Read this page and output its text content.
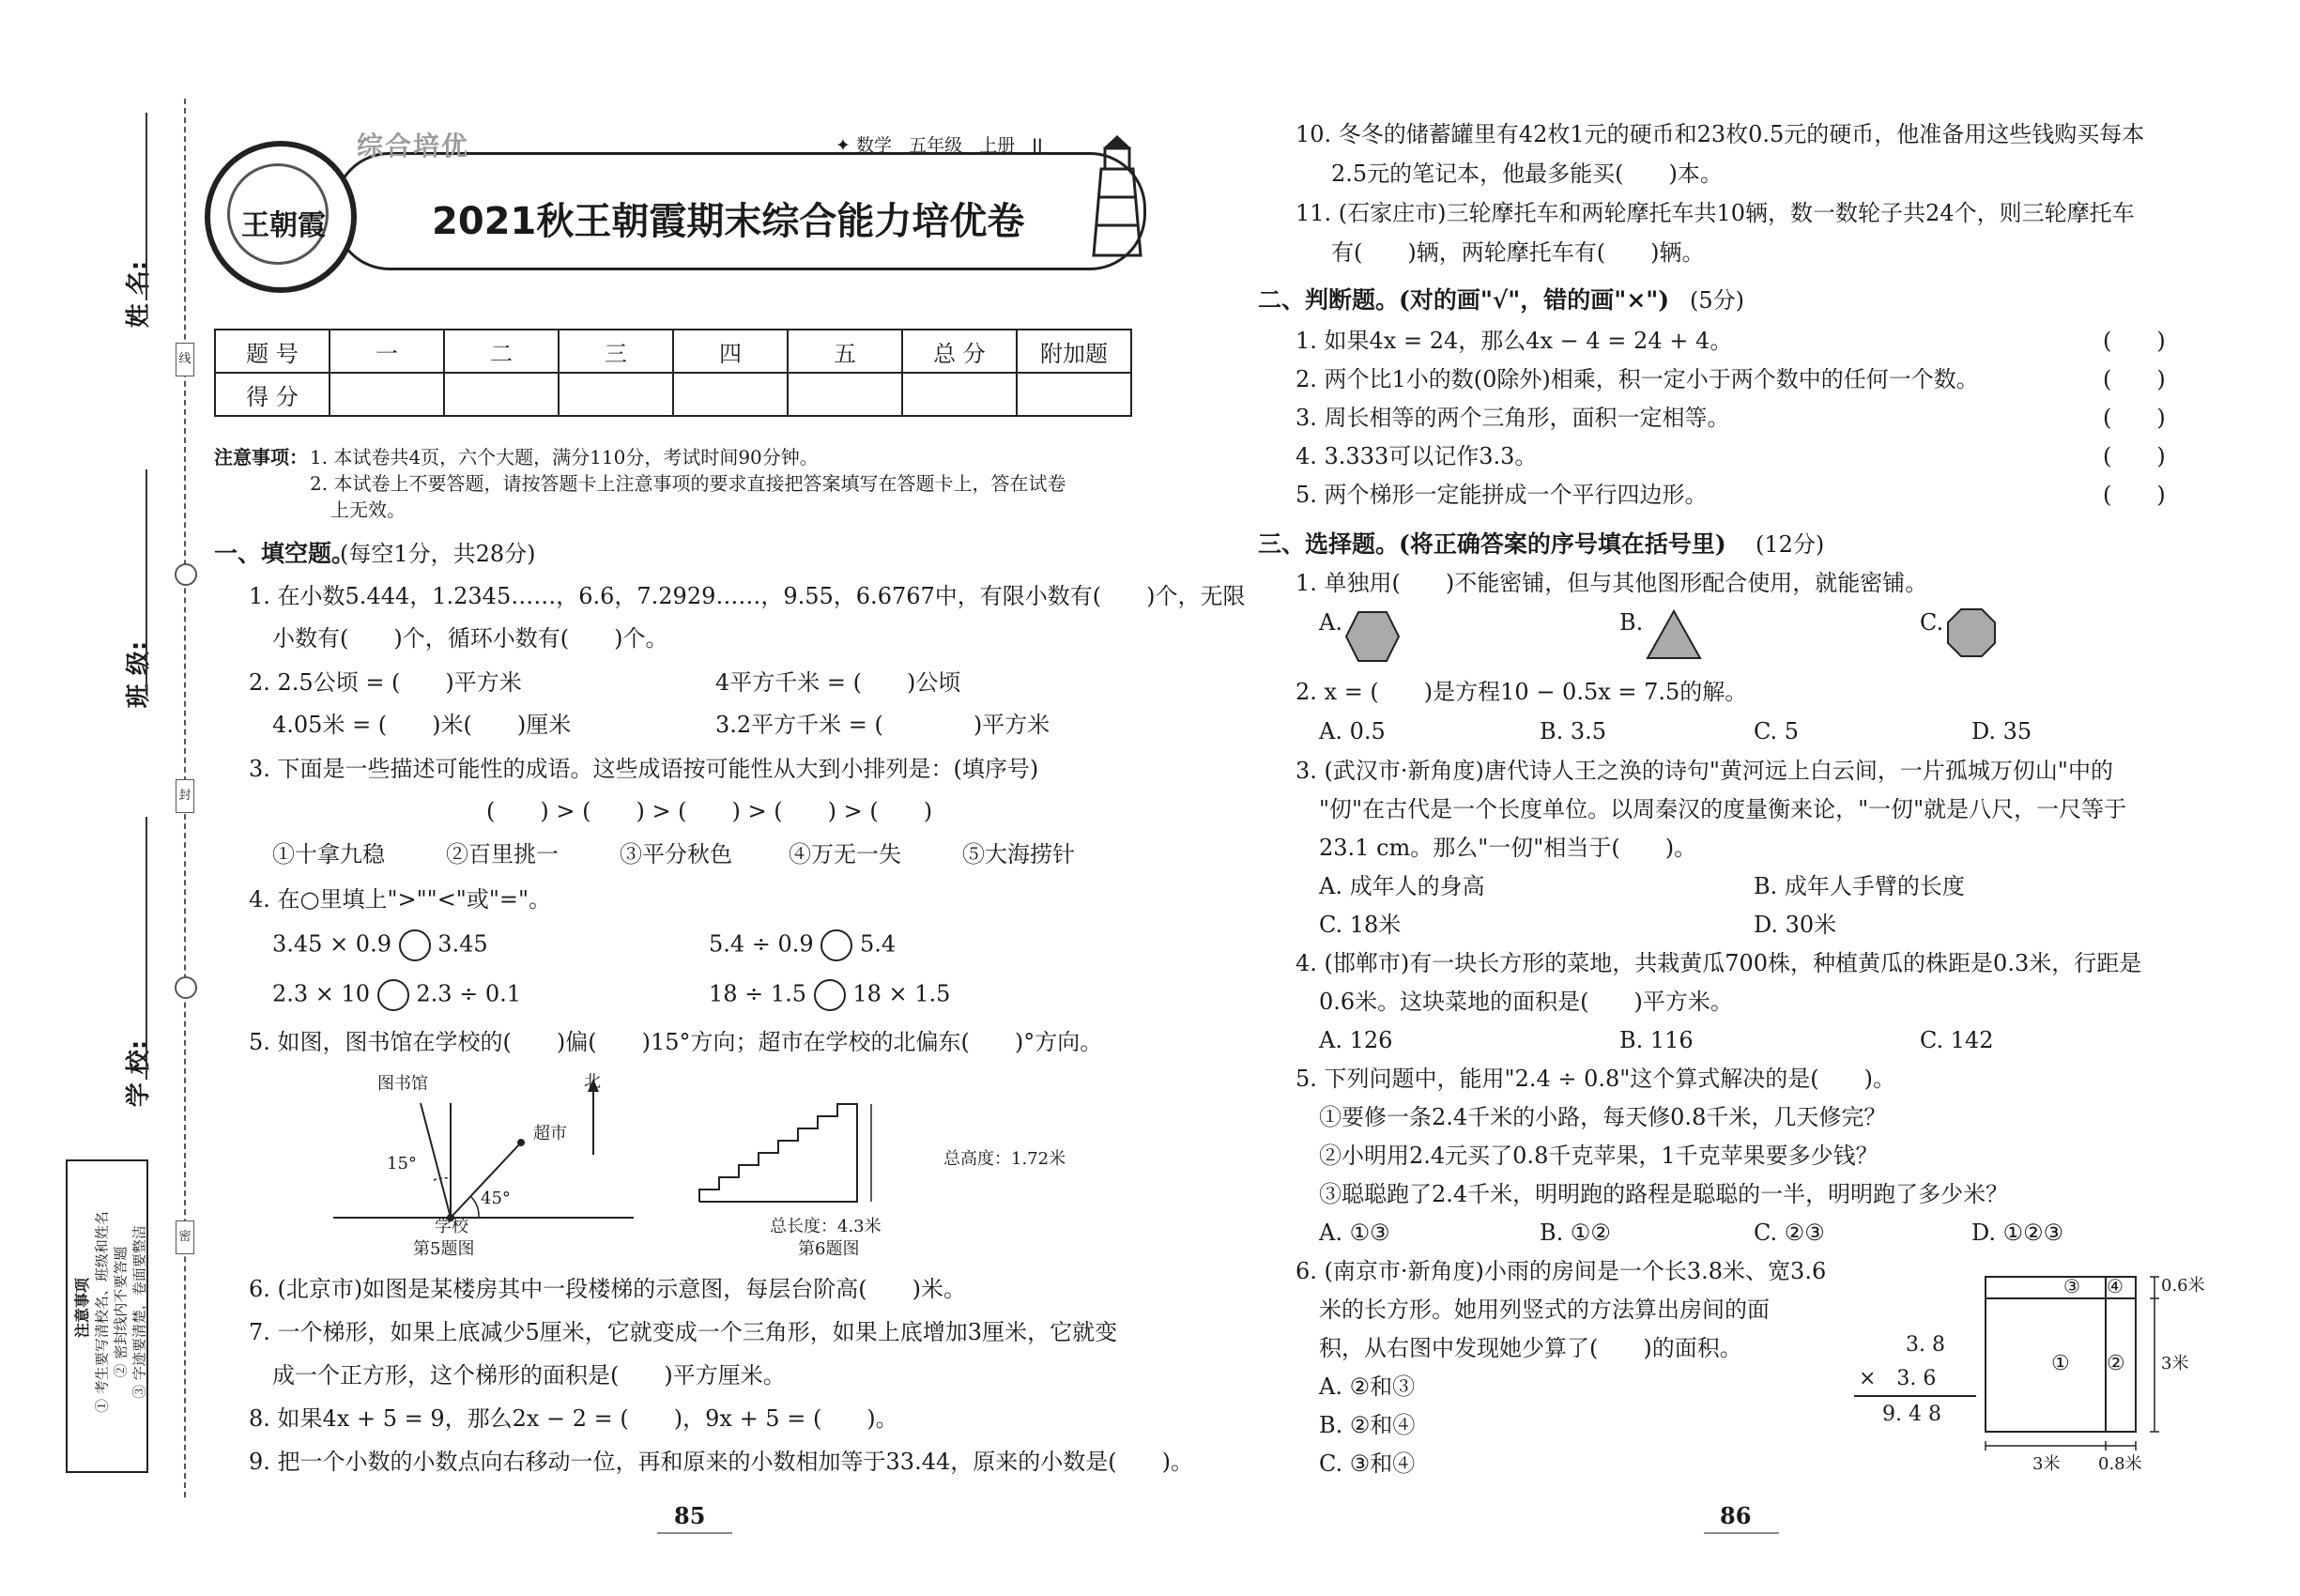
姓 名:
班 级:
学 校:
线
封
密
注意事项 ① 考生要写清校名、班级和姓名 ② 密封线内不要答题 ③ 字迹要清楚，卷面要整洁
综合培优	✦ 数学 五年级 上册 JJ
2021秋王朝霞期末综合能力培优卷
王朝霞
题 号	一	二	三	四	五	总 分	附加题
得 分							
注意事项： 1. 本试卷共4页，六个大题，满分110分，考试时间90分钟。
2. 本试卷上不要答题，请按答题卡上注意事项的要求直接把答案填写在答题卡上，答在试卷
上无效。
一、填空题。
(每空1分，共28分)
1. 在小数5.444，1.2345……，6.6，7.2929……，9.55，6.6767中，有限小数有(　　)个，无限
小数有(　　)个，循环小数有(　　)个。
2. 2.5公顷 = (　　)平方米	4平方千米 = (　　)公顷
4.05米 = (　　)米(　　)厘米	3.2平方千米 = (　　　　)平方米
3. 下面是一些描述可能性的成语。这些成语按可能性从大到小排列是：(填序号)
(　　) > (　　) > (　　) > (　　) > (　　)
①十拿九稳	②百里挑一	③平分秋色	④万无一失	⑤大海捞针
4. 在○里填上">""<"或"="。
3.45 × 0.9 3.45	5.4 ÷ 0.9 5.4
2.3 × 10 2.3 ÷ 0.1	18 ÷ 1.5 18 × 1.5
5. 如图，图书馆在学校的(　　)偏(　　)15°方向；超市在学校的北偏东(　　)°方向。
图书馆	北
超市
15°
45°
学校
第5题图
总高度：1.72米
总长度：4.3米
第6题图
6. (北京市)如图是某楼房其中一段楼梯的示意图，每层台阶高(　　)米。
7. 一个梯形，如果上底减少5厘米，它就变成一个三角形，如果上底增加3厘米，它就变
成一个正方形，这个梯形的面积是(　　)平方厘米。
8. 如果4x + 5 = 9，那么2x − 2 = (　　)，9x + 5 = (　　)。
9. 把一个小数的小数点向右移动一位，再和原来的小数相加等于33.44，原来的小数是(　　)。
85
10. 冬冬的储蓄罐里有42枚1元的硬币和23枚0.5元的硬币，他准备用这些钱购买每本
2.5元的笔记本，他最多能买(　　)本。
11. (石家庄市)三轮摩托车和两轮摩托车共10辆，数一数轮子共24个，则三轮摩托车
有(　　)辆，两轮摩托车有(　　)辆。
二、判断题。(对的画"√"，错的画"×") (5分)
1. 如果4x = 24，那么4x − 4 = 24 + 4。	(　　)
2. 两个比1小的数(0除外)相乘，积一定小于两个数中的任何一个数。	(　　)
3. 周长相等的两个三角形，面积一定相等。	(　　)
4. 3.333可以记作3.3。	(　　)
5. 两个梯形一定能拼成一个平行四边形。	(　　)
三、选择题。(将正确答案的序号填在括号里) (12分)
1. 单独用(　　)不能密铺，但与其他图形配合使用，就能密铺。
A.	B.	C.
2. x = (　　)是方程10 − 0.5x = 7.5的解。
A. 0.5	B. 3.5	C. 5	D. 35
3. (武汉市·新角度)唐代诗人王之涣的诗句"黄河远上白云间，一片孤城万仞山"中的
"仞"在古代是一个长度单位。以周秦汉的度量衡来论，"一仞"就是八尺，一尺等于
23.1 cm。那么"一仞"相当于(　　)。
A. 成年人的身高	B. 成年人手臂的长度
C. 18米	D. 30米
4. (邯郸市)有一块长方形的菜地，共栽黄瓜700株，种植黄瓜的株距是0.3米，行距是
0.6米。这块菜地的面积是(　　)平方米。
A. 126	B. 116	C. 142
5. 下列问题中，能用"2.4 ÷ 0.8"这个算式解决的是(　　)。
①要修一条2.4千米的小路，每天修0.8千米，几天修完？
②小明用2.4元买了0.8千克苹果，1千克苹果要多少钱？
③聪聪跑了2.4千米，明明跑的路程是聪聪的一半，明明跑了多少米？
A. ①③	B. ①②	C. ②③	D. ①②③
6. (南京市·新角度)小雨的房间是一个长3.8米、宽3.6
米的长方形。她用列竖式的方法算出房间的面
积，从右图中发现她少算了(　　)的面积。
A. ②和③
B. ②和④
C. ③和④
3. 8
×　3. 6
9. 4 8
③ ④
① ②
0.6米
3米
3米 0.8米
86
